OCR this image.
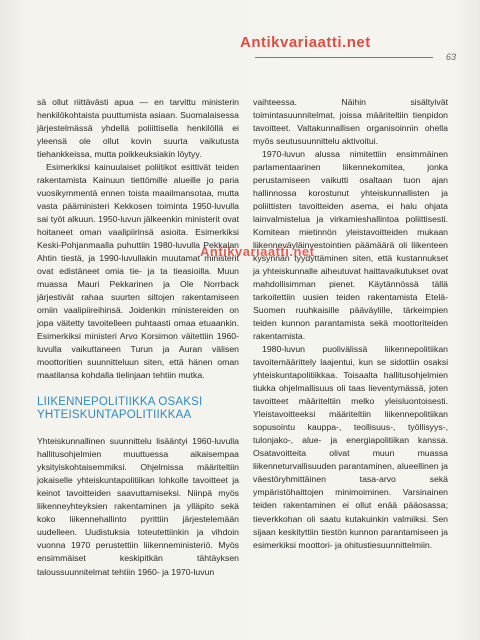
Antikvariaatti.net
63

sä ollut riittävästi apua — en tarvittu ministerin henkilökohtaista puuttumista asiaan. Suomalaisessa järjestelmässä yhdellä poliittisella henkilöllä ei yleensä ole ollut kovin suurta vaikutusta tiehankkeissa, mutta poikkeuksiakin löytyy.

Esimerkiksi kainuulaiset poliitikot esittivät teiden rakentamista Kainuun tiettömille alueille jo paria vuosikymmentä ennen toista maailmansotaa, mutta vasta pääministeri Kekkosen toiminta 1950-luvulla sai työt alkuun. 1950-luvun jälkeenkin ministerit ovat hoitaneet oman vaalipiirinsä asioita. Esimerkiksi Keski-Pohjanmaalla puhuttiin 1980-luvulla Pekkalan Ahtin tiestä, ja 1990-luvullakin muutamat ministerit ovat edistäneet omia tie- ja ta tieasioilla. Muun muassa Mauri Pekkarinen ja Ole Norrback järjestivät rahaa suurten siltojen rakentamiseen omiin vaalipiireihinsä. Joidenkin ministereiden on jopa väitetty tavoitelleen puhtaasti omaa etuaankin. Esimerkiksi ministeri Arvo Korsimon väitettiin 1960-luvulla vaikuttaneen Turun ja Auran välisen moottoritien suunnitteluun siten, että hänen oman maatilansa kohdalla tielinjaan tehtiin mutka.

LIIKENNEPOLITIIKKA OSAKSI
YHTEISKUNTAPOLITIIKKAA

Yhteiskunnallinen suunnittelu lisääntyi 1960-luvulla hallitusohjelmien muuttuessa aikaisempaa yksityiskohtaisemmiksi. Ohjelmissa määriteltiin jokaiselle yhteiskuntapolitiikan lohkolle tavoitteet ja keinot tavoitteiden saavuttamiseksi. Niinpä myös liikenneyhteyksien rakentaminen ja ylläpito sekä koko liikennehallinto pyrittiin järjestelemään uudelleen. Uudistuksia toteutettiinkin ja vihdoin vuonna 1970 perustettiin liikenneministeriö. Myös ensimmäiset keskipitkän tähtäyksen taloussuunnitelmat tehtiin 1960- ja 1970-luvun

vaihteessa. Näihin sisältyivät toimintasuunnitelmat, joissa määriteltiin tienpidon tavoitteet. Valtakunnallisen organisoinnin ohella myös seutusuunnittelu aktivoitui.

1970-luvun alussa nimitettiin ensimmäinen parlamentaarinen liikennekomitea, jonka perustamiseen vaikutti osaltaan tuon ajan hallinnossa korostunut yhteiskunnallisten ja poliittisten tavoitteiden asema, ei halu ohjata lainvalmistelua ja virkamieshallintoa poliittisesti. Komitean mietinnön yleistavoitteiden mukaan liikenneväyläinvestointien päämäärä oli liikenteen kysynnän tyydyttäminen siten, että kustannukset ja yhteiskunnalle aiheutuvat haittavaikutukset ovat mahdollisimman pienet. Käytännössä tällä tarkoitettiin uusien teiden rakentamista Etelä-Suomen ruuhkaisille pääväylille, tärkeimpien teiden kunnon parantamista sekä moottoriteiden rakentamista.

1980-luvun puolivälissä liikennepolitiikan tavoitemäärittely laajentui, kun se sidottiin osaksi yhteiskuntapolitiikkaa. Toisaalta hallitusohjelmien tiukka ohjelmallisuus oli taas lieventymässä, joten tavoitteet määriteltiin melko yleisluontoisesti. Yleistavoitteeksi määriteltiin liikennepolitiikan sopusointu kauppa-, teollisuus-, työllisyys-, tulonjako-, alue- ja energiapolitiikan kanssa. Osatavoitteita olivat muun muassa liikenneturvallisuuden parantaminen, alueellinen ja väestöryhmittäinen tasa-arvo sekä ympäristöhaittojen minimoiminen. Varsinainen teiden rakentaminen ei ollut enää pääosassa; tieverkkohan oli saatu kutakuinkin valmiiksi. Sen sijaan keskityttiin tiestön kunnon parantamiseen ja esimerkiksi moottori- ja ohitustiesuunnittelmiin.

Antikvariaatti.net
